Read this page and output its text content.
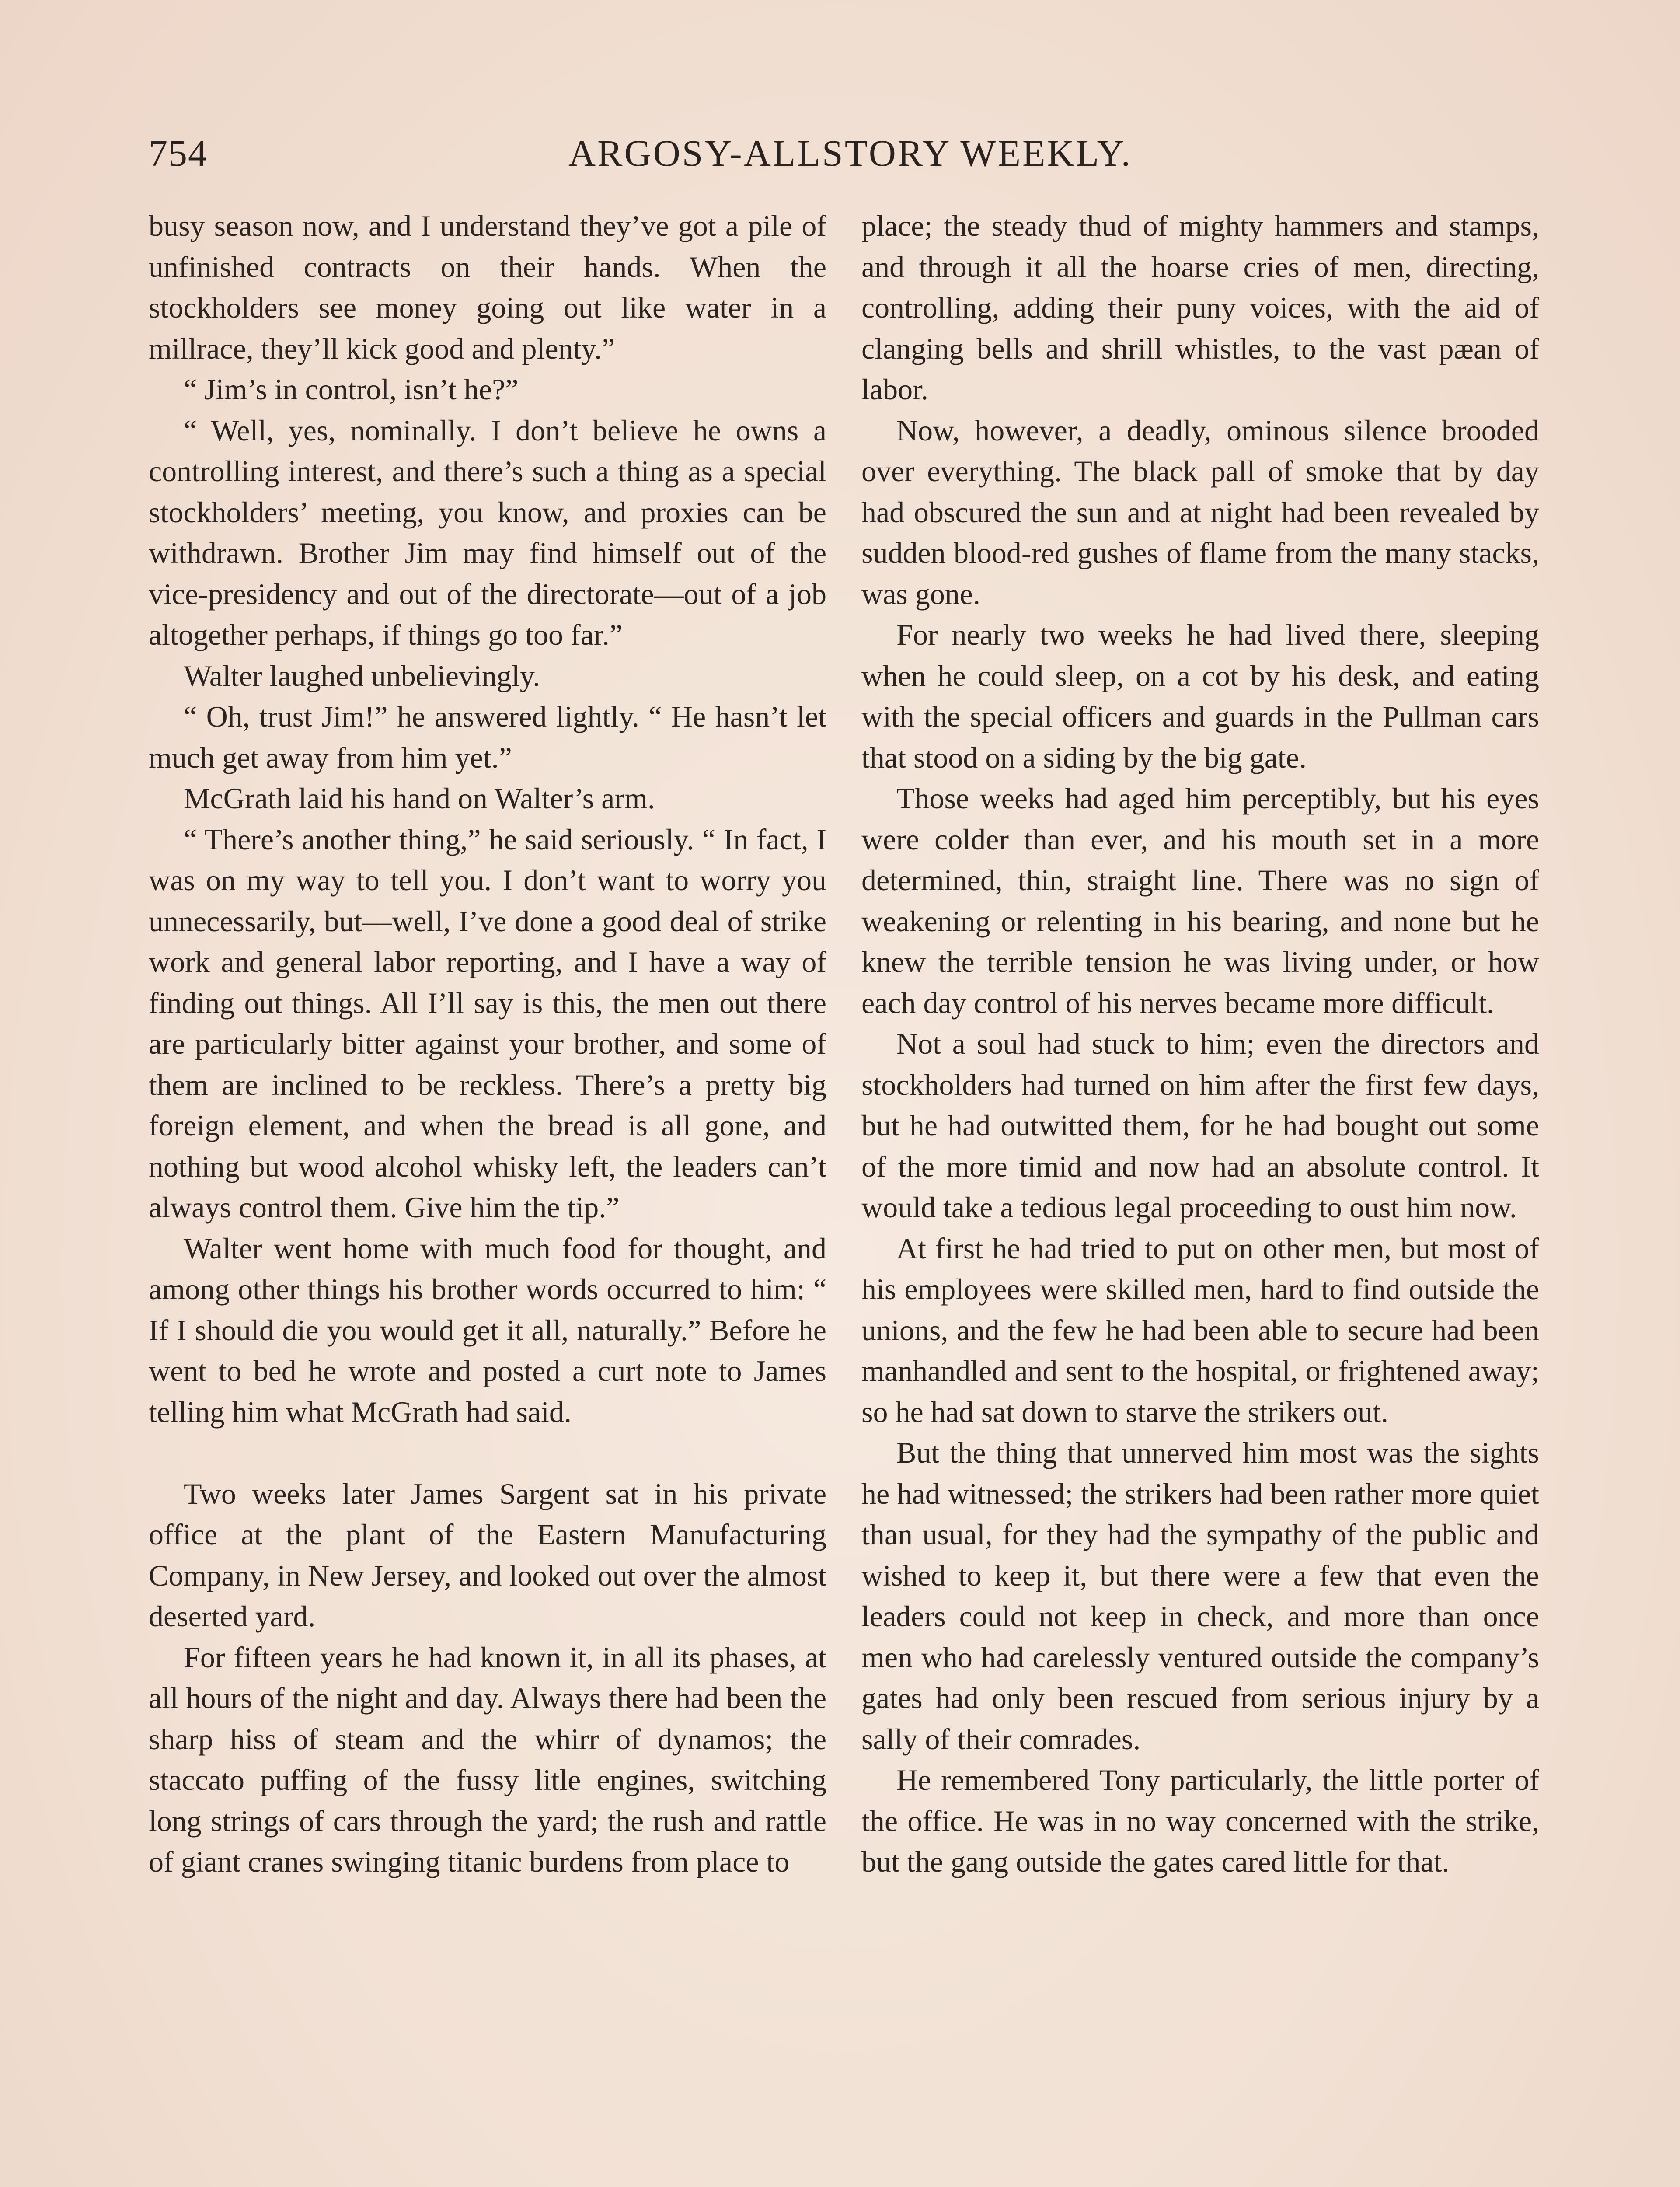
754	ARGOSY-ALLSTORY WEEKLY.

busy season now, and I understand they’ve got a pile of unfinished contracts on their hands. When the stockholders see money going out like water in a millrace, they’ll kick good and plenty.”

“ Jim’s in control, isn’t he?”

“ Well, yes, nominally. I don’t believe he owns a controlling interest, and there’s such a thing as a special stockholders’ meeting, you know, and proxies can be withdrawn. Brother Jim may find himself out of the vice-presidency and out of the directorate—out of a job altogether perhaps, if things go too far.”

Walter laughed unbelievingly.

“ Oh, trust Jim!” he answered lightly. “ He hasn’t let much get away from him yet.”

McGrath laid his hand on Walter’s arm.

“ There’s another thing,” he said seriously. “ In fact, I was on my way to tell you. I don’t want to worry you unnecessarily, but—well, I’ve done a good deal of strike work and general labor reporting, and I have a way of finding out things. All I’ll say is this, the men out there are particularly bitter against your brother, and some of them are inclined to be reckless. There’s a pretty big foreign element, and when the bread is all gone, and nothing but wood alcohol whisky left, the leaders can’t always control them. Give him the tip.”

Walter went home with much food for thought, and among other things his brother words occurred to him: “ If I should die you would get it all, naturally.” Before he went to bed he wrote and posted a curt note to James telling him what McGrath had said.

Two weeks later James Sargent sat in his private office at the plant of the Eastern Manufacturing Company, in New Jersey, and looked out over the almost deserted yard.

For fifteen years he had known it, in all its phases, at all hours of the night and day. Always there had been the sharp hiss of steam and the whirr of dynamos; the staccato puffing of the fussy litle engines, switching long strings of cars through the yard; the rush and rattle of giant cranes swinging titanic burdens from place to

place; the steady thud of mighty hammers and stamps, and through it all the hoarse cries of men, directing, controlling, adding their puny voices, with the aid of clanging bells and shrill whistles, to the vast pæan of labor.

Now, however, a deadly, ominous silence brooded over everything. The black pall of smoke that by day had obscured the sun and at night had been revealed by sudden blood-red gushes of flame from the many stacks, was gone.

For nearly two weeks he had lived there, sleeping when he could sleep, on a cot by his desk, and eating with the special officers and guards in the Pullman cars that stood on a siding by the big gate.

Those weeks had aged him perceptibly, but his eyes were colder than ever, and his mouth set in a more determined, thin, straight line. There was no sign of weakening or relenting in his bearing, and none but he knew the terrible tension he was living under, or how each day control of his nerves became more difficult.

Not a soul had stuck to him; even the directors and stockholders had turned on him after the first few days, but he had outwitted them, for he had bought out some of the more timid and now had an absolute control. It would take a tedious legal proceeding to oust him now.

At first he had tried to put on other men, but most of his employees were skilled men, hard to find outside the unions, and the few he had been able to secure had been manhandled and sent to the hospital, or frightened away; so he had sat down to starve the strikers out.

But the thing that unnerved him most was the sights he had witnessed; the strikers had been rather more quiet than usual, for they had the sympathy of the public and wished to keep it, but there were a few that even the leaders could not keep in check, and more than once men who had carelessly ventured outside the company’s gates had only been rescued from serious injury by a sally of their comrades.

He remembered Tony particularly, the little porter of the office. He was in no way concerned with the strike, but the gang outside the gates cared little for that.
